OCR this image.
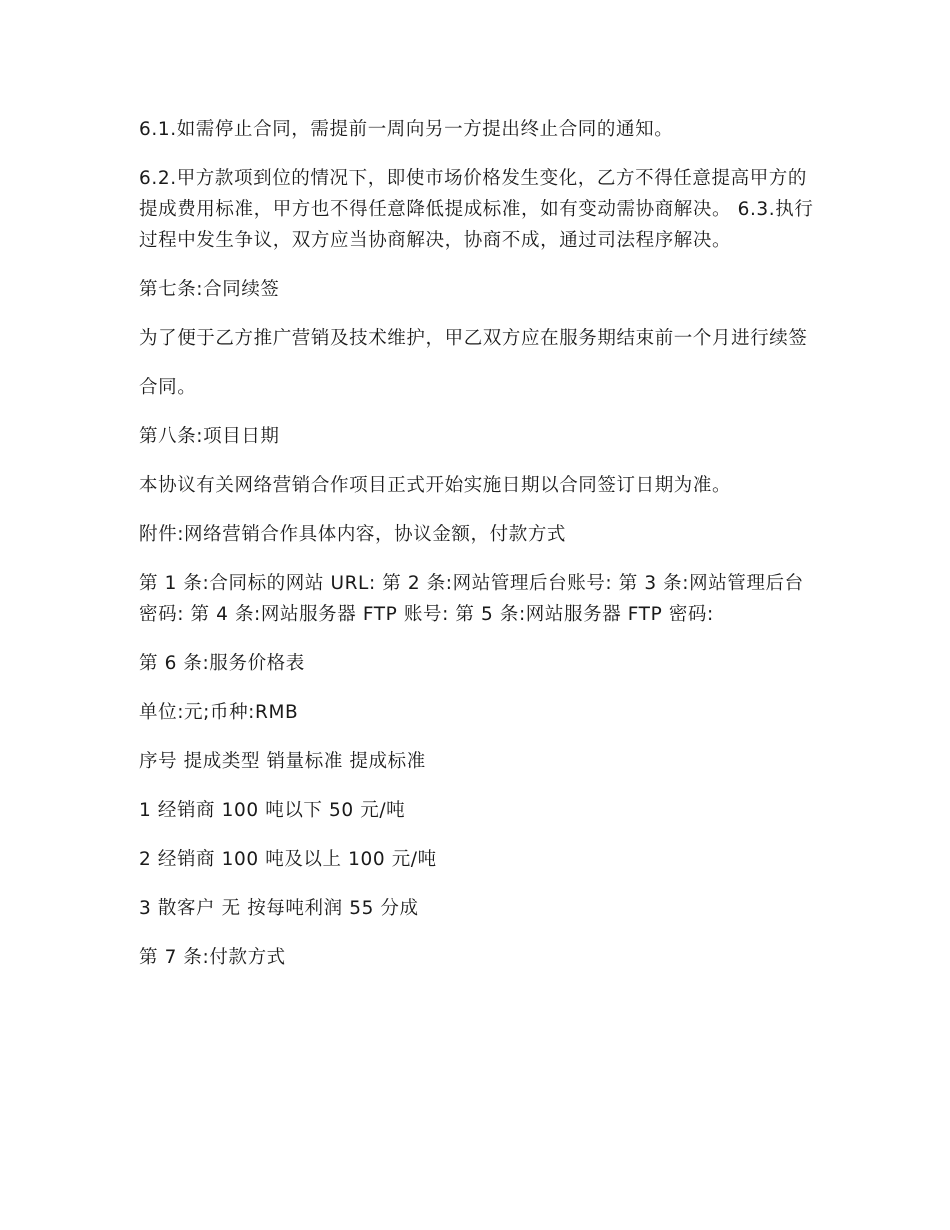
6.1.如需停止合同，需提前一周向另一方提出终止合同的通知。

6.2.甲方款项到位的情况下，即使市场价格发生变化，乙方不得任意提高甲方的提成费用标准，甲方也不得任意降低提成标准，如有变动需协商解决。 6.3.执行过程中发生争议，双方应当协商解决，协商不成，通过司法程序解决。

第七条:合同续签

为了便于乙方推广营销及技术维护，甲乙双方应在服务期结束前一个月进行续签

合同。

第八条:项目日期

本协议有关网络营销合作项目正式开始实施日期以合同签订日期为准。

附件:网络营销合作具体内容，协议金额，付款方式

第 1 条:合同标的网站 URL: 第 2 条:网站管理后台账号: 第 3 条:网站管理后台密码: 第 4 条:网站服务器 FTP 账号: 第 5 条:网站服务器 FTP 密码:

第 6 条:服务价格表

单位:元;币种:RMB

序号 提成类型 销量标准 提成标准

1 经销商 100 吨以下 50 元/吨

2 经销商 100 吨及以上 100 元/吨

3 散客户 无 按每吨利润 55 分成

第 7 条:付款方式
